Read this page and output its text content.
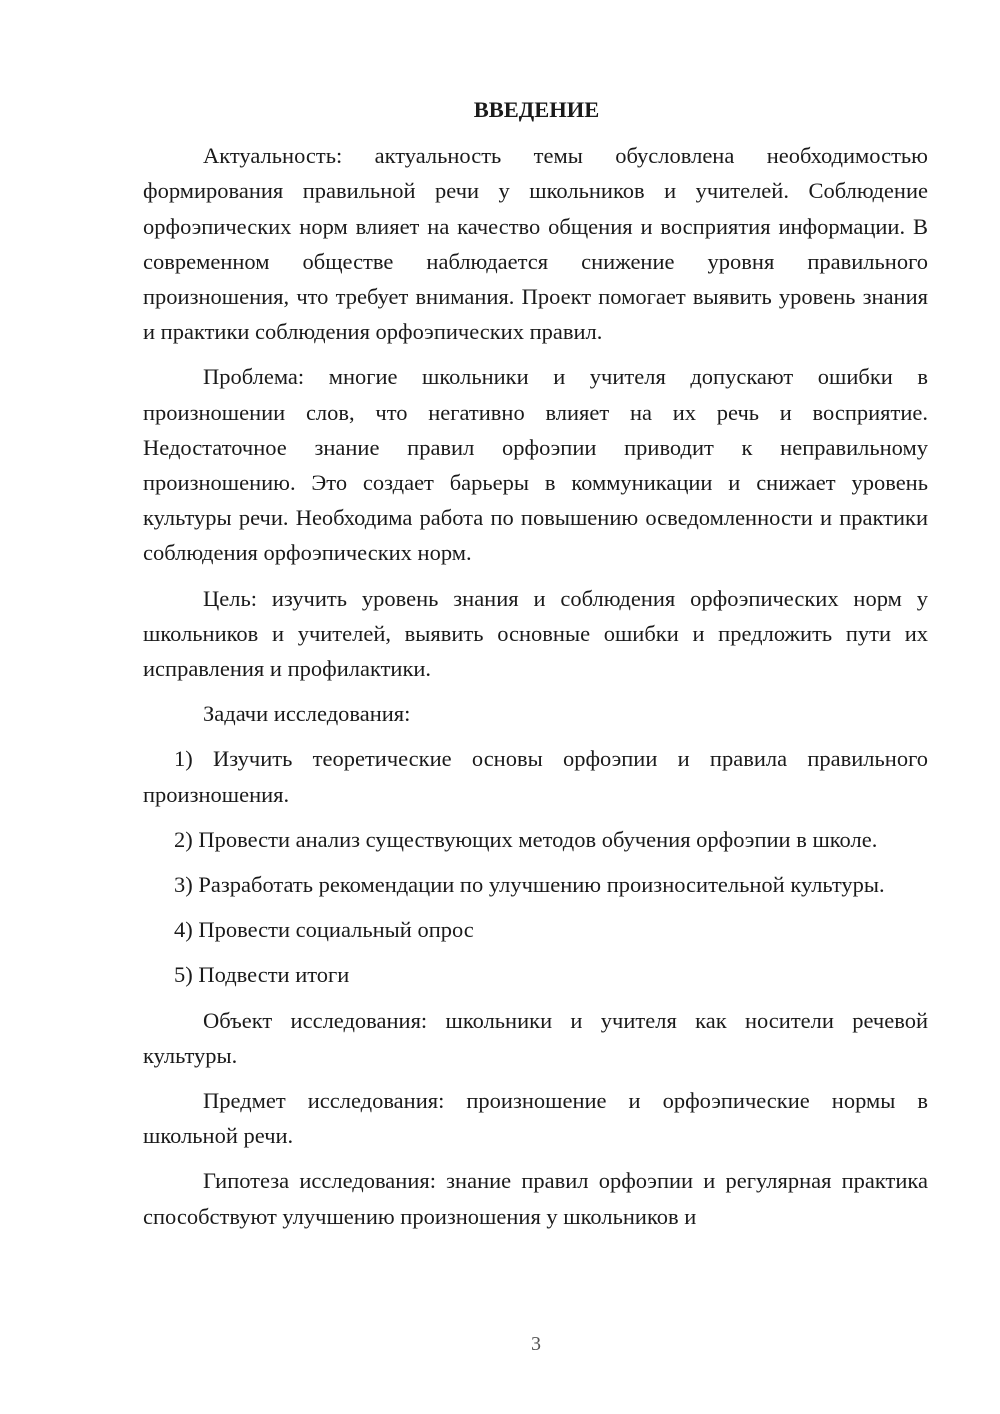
ВВЕДЕНИЕ

Актуальность: актуальность темы обусловлена необходимостью формирования правильной речи у школьников и учителей. Соблюдение орфоэпических норм влияет на качество общения и восприятия информации. В современном обществе наблюдается снижение уровня правильного произношения, что требует внимания. Проект помогает выявить уровень знания и практики соблюдения орфоэпических правил.

Проблема: многие школьники и учителя допускают ошибки в произношении слов, что негативно влияет на их речь и восприятие. Недостаточное знание правил орфоэпии приводит к неправильному произношению. Это создает барьеры в коммуникации и снижает уровень культуры речи. Необходима работа по повышению осведомленности и практики соблюдения орфоэпических норм.

Цель: изучить уровень знания и соблюдения орфоэпических норм у школьников и учителей, выявить основные ошибки и предложить пути их исправления и профилактики.

Задачи исследования:

1) Изучить теоретические основы орфоэпии и правила правильного произношения.

2) Провести анализ существующих методов обучения орфоэпии в школе.

3) Разработать рекомендации по улучшению произносительной культуры.

4) Провести социальный опрос

5) Подвести итоги

Объект исследования: школьники и учителя как носители речевой культуры.

Предмет исследования: произношение и орфоэпические нормы в школьной речи.

Гипотеза исследования: знание правил орфоэпии и регулярная практика способствуют улучшению произношения у школьников и

3
